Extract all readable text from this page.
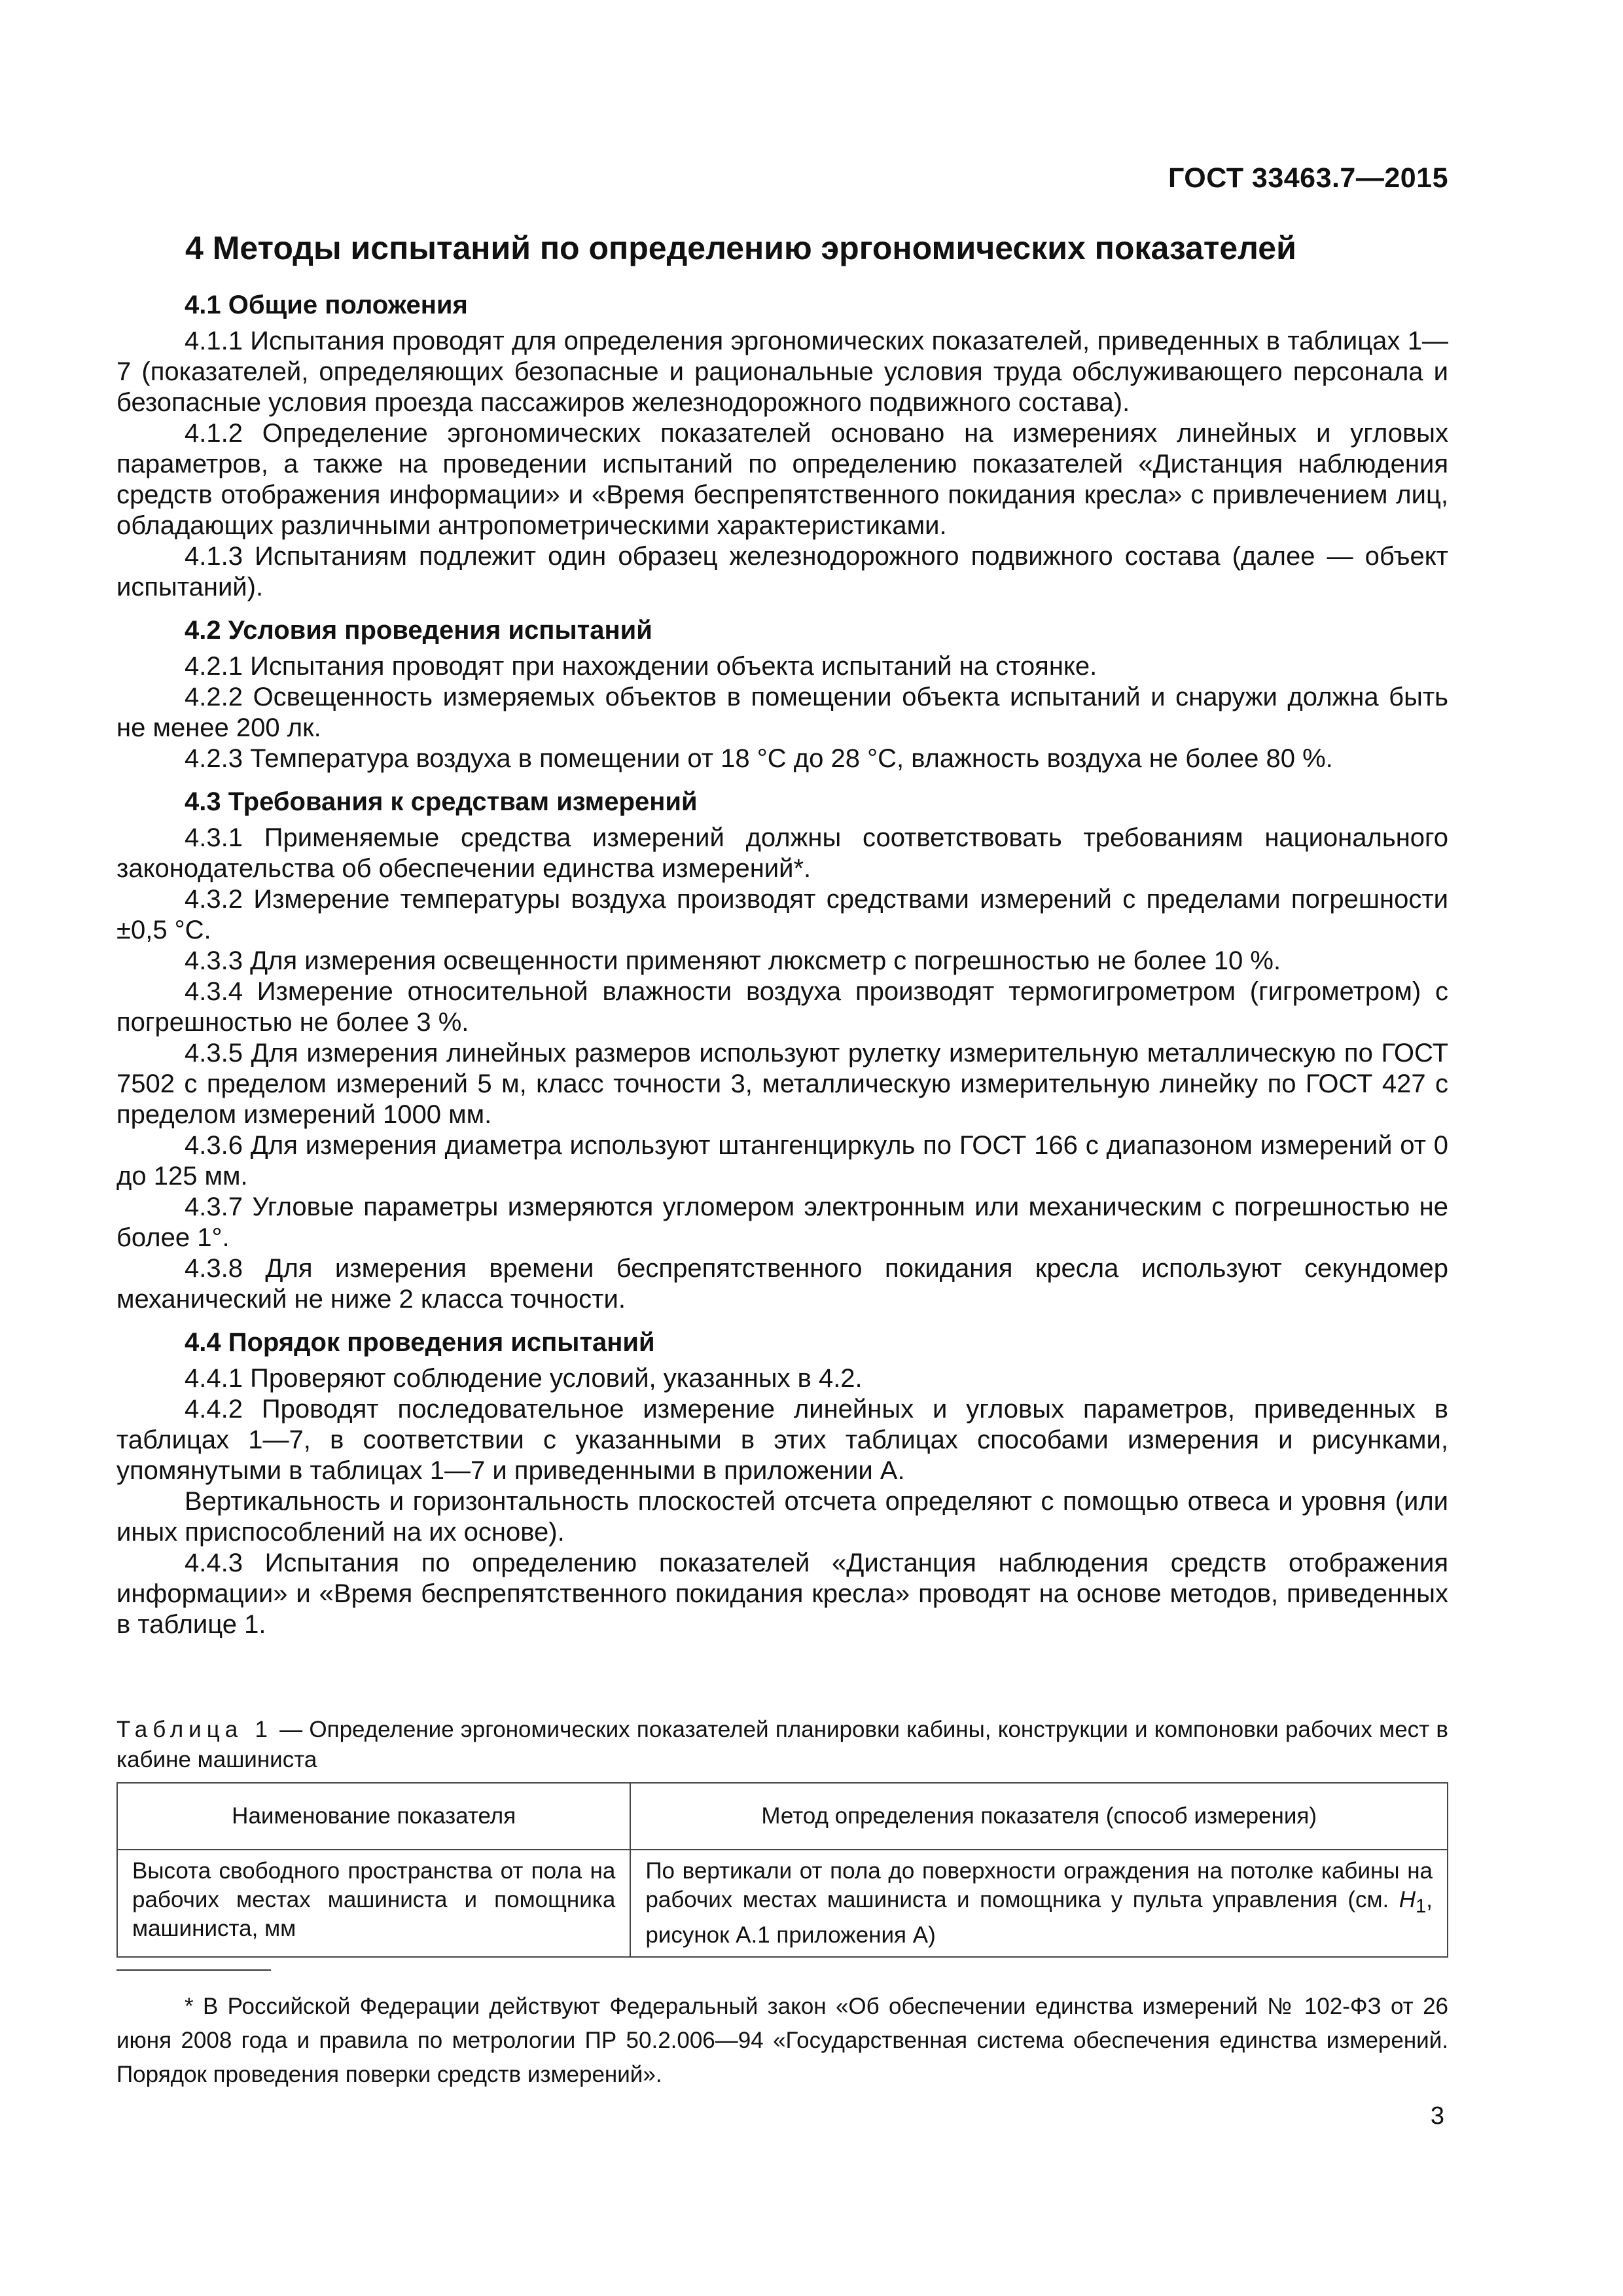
ГОСТ 33463.7—2015
4 Методы испытаний по определению эргономических показателей
4.1 Общие положения

4.1.1 Испытания проводят для определения эргономических показателей, приведенных в таблицах 1—7 (показателей, определяющих безопасные и рациональные условия труда обслуживающего персонала и безопасные условия проезда пассажиров железнодорожного подвижного состава).

4.1.2 Определение эргономических показателей основано на измерениях линейных и угловых параметров, а также на проведении испытаний по определению показателей «Дистанция наблюдения средств отображения информации» и «Время беспрепятственного покидания кресла» с привлечением лиц, обладающих различными антропометрическими характеристиками.

4.1.3 Испытаниям подлежит один образец железнодорожного подвижного состава (далее — объект испытаний).

4.2 Условия проведения испытаний

4.2.1 Испытания проводят при нахождении объекта испытаний на стоянке.

4.2.2 Освещенность измеряемых объектов в помещении объекта испытаний и снаружи должна быть не менее 200 лк.

4.2.3 Температура воздуха в помещении от 18 °С до 28 °С, влажность воздуха не более 80 %.

4.3 Требования к средствам измерений

4.3.1 Применяемые средства измерений должны соответствовать требованиям национального законодательства об обеспечении единства измерений*.

4.3.2 Измерение температуры воздуха производят средствами измерений с пределами погрешности ±0,5 °С.

4.3.3 Для измерения освещенности применяют люксметр с погрешностью не более 10 %.

4.3.4 Измерение относительной влажности воздуха производят термогигрометром (гигрометром) с погрешностью не более 3 %.

4.3.5 Для измерения линейных размеров используют рулетку измерительную металлическую по ГОСТ 7502 с пределом измерений 5 м, класс точности 3, металлическую измерительную линейку по ГОСТ 427 с пределом измерений 1000 мм.

4.3.6 Для измерения диаметра используют штангенциркуль по ГОСТ 166 с диапазоном измерений от 0 до 125 мм.

4.3.7 Угловые параметры измеряются угломером электронным или механическим с погрешностью не более 1°.

4.3.8 Для измерения времени беспрепятственного покидания кресла используют секундомер механический не ниже 2 класса точности.

4.4 Порядок проведения испытаний

4.4.1 Проверяют соблюдение условий, указанных в 4.2.

4.4.2 Проводят последовательное измерение линейных и угловых параметров, приведенных в таблицах 1—7, в соответствии с указанными в этих таблицах способами измерения и рисунками, упомянутыми в таблицах 1—7 и приведенными в приложении А.

Вертикальность и горизонтальность плоскостей отсчета определяют с помощью отвеса и уровня (или иных приспособлений на их основе).

4.4.3 Испытания по определению показателей «Дистанция наблюдения средств отображения информации» и «Время беспрепятственного покидания кресла» проводят на основе методов, приведенных в таблице 1.

Таблица 1 — Определение эргономических показателей планировки кабины, конструкции и компоновки рабочих мест в кабине машиниста
Наименование показателя	Метод определения показателя (способ измерения)
Высота свободного пространства от пола на рабочих местах машиниста и помощника машиниста, мм	По вертикали от пола до поверхности ограждения на потолке кабины на рабочих местах машиниста и помощника у пульта управления (см. $H_1$, рисунок А.1 приложения А)
* В Российской Федерации действуют Федеральный закон «Об обеспечении единства измерений № 102-ФЗ от 26 июня 2008 года и правила по метрологии ПР 50.2.006—94 «Государственная система обеспечения единства измерений. Порядок проведения поверки средств измерений».
3
